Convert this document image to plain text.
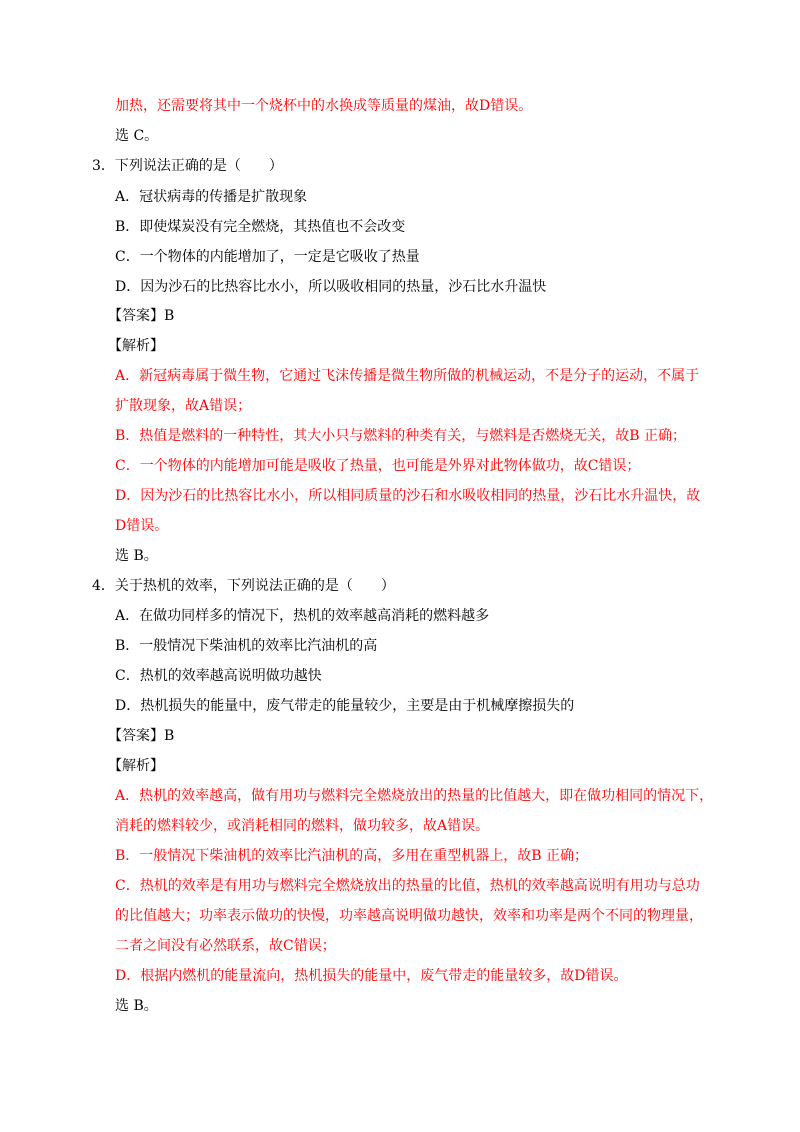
加热，还需要将其中一个烧杯中的水换成等质量的煤油，故D错误。
选 C。
3．下列说法正确的是（　　）
A．冠状病毒的传播是扩散现象
B．即使煤炭没有完全燃烧，其热值也不会改变
C．一个物体的内能增加了，一定是它吸收了热量
D．因为沙石的比热容比水小，所以吸收相同的热量，沙石比水升温快
【答案】B
【解析】
A．新冠病毒属于微生物，它通过飞沫传播是微生物所做的机械运动，不是分子的运动，不属于
扩散现象，故A错误；
B．热值是燃料的一种特性，其大小只与燃料的种类有关，与燃料是否燃烧无关，故B 正确；
C．一个物体的内能增加可能是吸收了热量，也可能是外界对此物体做功，故C错误；
D．因为沙石的比热容比水小，所以相同质量的沙石和水吸收相同的热量，沙石比水升温快，故
D错误。
选 B。
4．关于热机的效率，下列说法正确的是（　　）
A．在做功同样多的情况下，热机的效率越高消耗的燃料越多
B．一般情况下柴油机的效率比汽油机的高
C．热机的效率越高说明做功越快
D．热机损失的能量中，废气带走的能量较少，主要是由于机械摩擦损失的
【答案】B
【解析】
A．热机的效率越高，做有用功与燃料完全燃烧放出的热量的比值越大，即在做功相同的情况下，
消耗的燃料较少，或消耗相同的燃料，做功较多，故A错误。
B．一般情况下柴油机的效率比汽油机的高，多用在重型机器上，故B 正确；
C．热机的效率是有用功与燃料完全燃烧放出的热量的比值，热机的效率越高说明有用功与总功
的比值越大；功率表示做功的快慢，功率越高说明做功越快，效率和功率是两个不同的物理量，
二者之间没有必然联系，故C错误；
D．根据内燃机的能量流向，热机损失的能量中，废气带走的能量较多，故D错误。
选 B。
